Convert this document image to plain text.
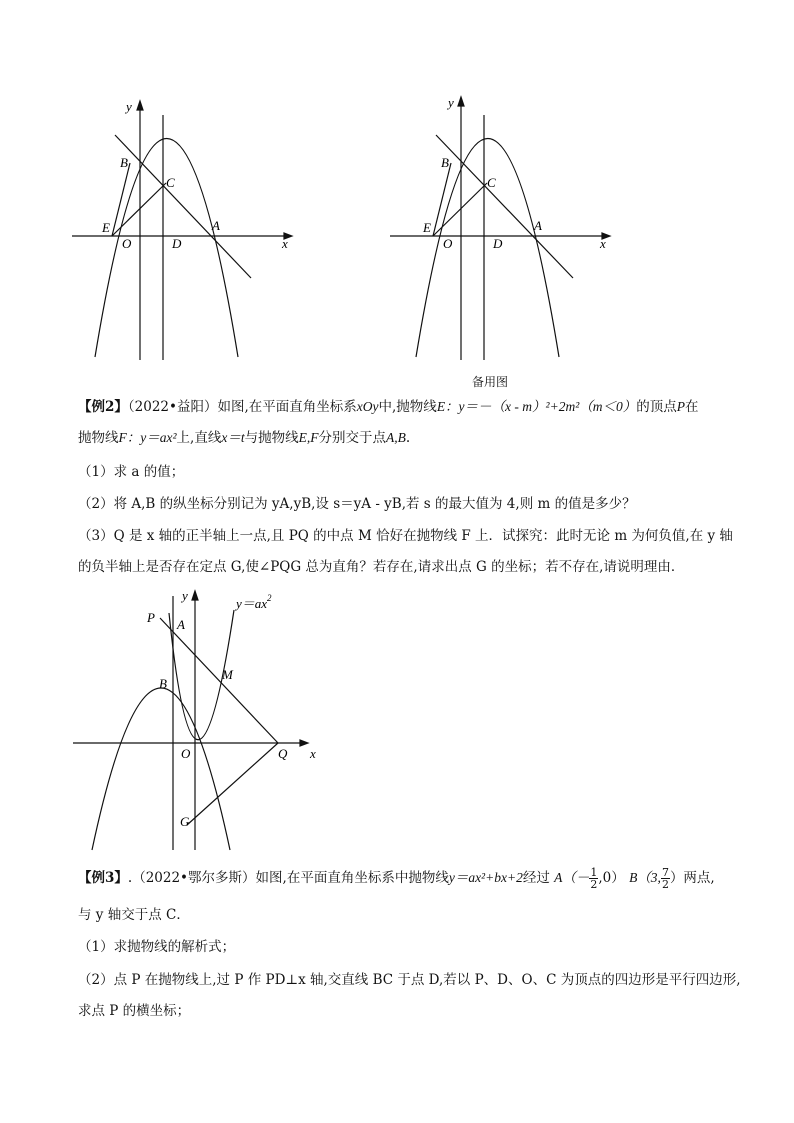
y
B
C
E
O	D
A
x
y
B
C
E
O	D
A
x
备用图
【例2】（2022•益阳）如图,在平面直角坐标系xOy中,抛物线E：y＝－（x - m）²+2m²（m＜0）的顶点P在
抛物线F：y＝ax²上,直线x＝t与抛物线E,F分别交于点A,B.
（1）求 a 的值；
（2）将 A,B 的纵坐标分别记为 yA,yB,设 s＝yA - yB,若 s 的最大值为 4,则 m 的值是多少？
（3）Q 是 x 轴的正半轴上一点,且 PQ 的中点 M 恰好在抛物线 F 上．试探究：此时无论 m 为何负值,在 y 轴
的负半轴上是否存在定点 G,使∠PQG 总为直角？若存在,请求出点 G 的坐标；若不存在,请说明理由．
y
$y=ax^2$
P A
B
M
O	Q x
G
【例3】.（2022•鄂尔多斯）如图,在平面直角坐标系中抛物线y＝ax²+bx+2经过 $A(- \frac{1}{2} ,0)$ B（3, $\frac{7}{2}$ ）两点,
与 y 轴交于点 C．
（1）求抛物线的解析式；
（2）点 P 在抛物线上,过 P 作 PD⊥x 轴,交直线 BC 于点 D,若以 P、D、O、C 为顶点的四边形是平行四边形,
求点 P 的横坐标；
